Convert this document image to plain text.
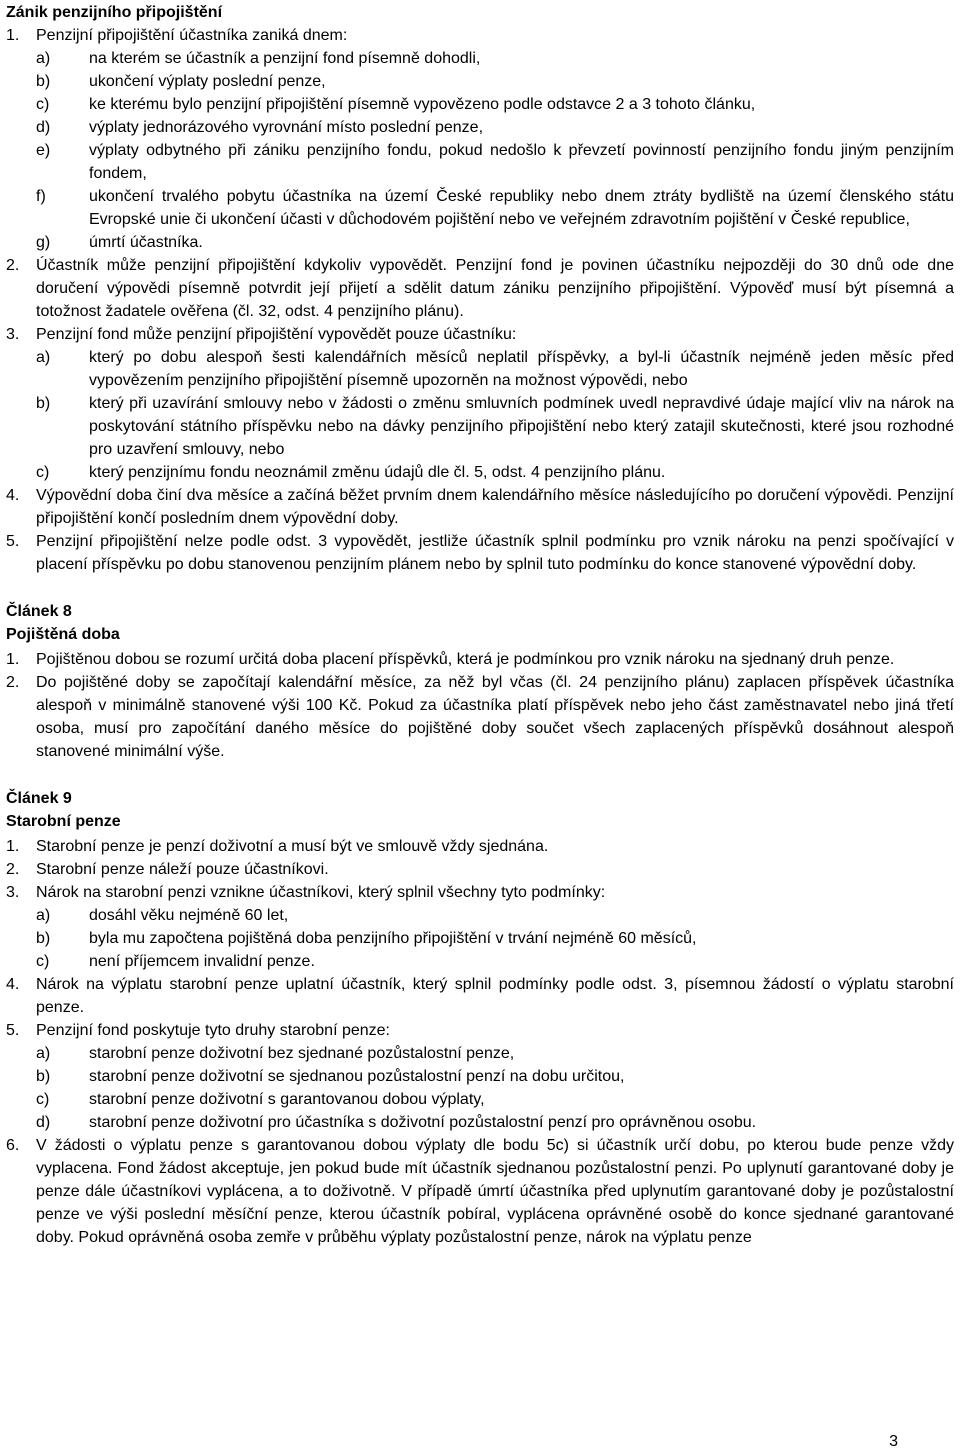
Zánik penzijního připojištění
1.	Penzijní připojištění účastníka zaniká dnem:
a)	na kterém se účastník a penzijní fond písemně dohodli,
b)	ukončení výplaty poslední penze,
c)	ke kterému bylo penzijní připojištění písemně vypovězeno podle odstavce 2 a 3 tohoto článku,
d)	výplaty jednorázového vyrovnání místo poslední penze,
e)	výplaty odbytného při zániku penzijního fondu, pokud nedošlo k převzetí povinností penzijního fondu jiným penzijním fondem,
f)	ukončení trvalého pobytu účastníka na území České republiky nebo dnem ztráty bydliště na území členského státu Evropské unie či ukončení účasti v důchodovém pojištění nebo ve veřejném zdravotním pojištění v České republice,
g)	úmrtí účastníka.
2.	Účastník může penzijní připojištění kdykoliv vypovědět. Penzijní fond je povinen účastníku nejpozději do 30 dnů ode dne doručení výpovědi písemně potvrdit její přijetí a sdělit datum zániku penzijního připojištění. Výpověď musí být písemná a totožnost žadatele ověřena (čl. 32, odst. 4 penzijního plánu).
3.	Penzijní fond může penzijní připojištění vypovědět pouze účastníku:
a)	který po dobu alespoň šesti kalendářních měsíců neplatil příspěvky, a byl-li účastník nejméně jeden měsíc před vypovězením penzijního připojištění písemně upozorněn na možnost výpovědi, nebo
b)	který při uzavírání smlouvy nebo v žádosti o změnu smluvních podmínek uvedl nepravdivé údaje mající vliv na nárok na poskytování státního příspěvku nebo na dávky penzijního připojištění nebo který zatajil skutečnosti, které jsou rozhodné pro uzavření smlouvy, nebo
c)	který penzijnímu fondu neoznámil změnu údajů dle čl. 5, odst. 4 penzijního plánu.
4.	Výpovědní doba činí dva měsíce a začíná běžet prvním dnem kalendářního měsíce následujícího po doručení výpovědi. Penzijní připojištění končí posledním dnem výpovědní doby.
5.	Penzijní připojištění nelze podle odst. 3 vypovědět, jestliže účastník splnil podmínku pro vznik nároku na penzi spočívající v placení příspěvku po dobu stanovenou penzijním plánem nebo by splnil tuto podmínku do konce stanovené výpovědní doby.
Článek 8
Pojištěná doba
1.	Pojištěnou dobou se rozumí určitá doba placení příspěvků, která je podmínkou pro vznik nároku na sjednaný druh penze.
2.	Do pojištěné doby se započítají kalendářní měsíce, za něž byl včas (čl. 24 penzijního plánu) zaplacen příspěvek účastníka alespoň v minimálně stanovené výši 100 Kč. Pokud za účastníka platí příspěvek nebo jeho část zaměstnavatel nebo jiná třetí osoba, musí pro započítání daného měsíce do pojištěné doby součet všech zaplacených příspěvků dosáhnout alespoň stanovené minimální výše.
Článek 9
Starobní penze
1.	Starobní penze je penzí doživotní a musí být ve smlouvě vždy sjednána.
2.	Starobní penze náleží pouze účastníkovi.
3.	Nárok na starobní penzi vznikne účastníkovi, který splnil všechny tyto podmínky:
a)	dosáhl věku nejméně 60 let,
b)	byla mu započtena pojištěná doba penzijního připojištění v trvání nejméně 60 měsíců,
c)	není příjemcem invalidní penze.
4.	Nárok na výplatu starobní penze uplatní účastník, který splnil podmínky podle odst. 3, písemnou žádostí o výplatu starobní penze.
5.	Penzijní fond poskytuje tyto druhy starobní penze:
a)	starobní penze doživotní bez sjednané pozůstalostní penze,
b)	starobní penze doživotní se sjednanou pozůstalostní penzí na dobu určitou,
c)	starobní penze doživotní s garantovanou dobou výplaty,
d)	starobní penze doživotní pro účastníka s doživotní pozůstalostní penzí pro oprávněnou osobu.
6.	V žádosti o výplatu penze s garantovanou dobou výplaty dle bodu 5c) si účastník určí dobu, po kterou bude penze vždy vyplacena. Fond žádost akceptuje, jen pokud bude mít účastník sjednanou pozůstalostní penzi. Po uplynutí garantované doby je penze dále účastníkovi vyplácena, a to doživotně. V případě úmrtí účastníka před uplynutím garantované doby je pozůstalostní penze ve výši poslední měsíční penze, kterou účastník pobíral, vyplácena oprávněné osobě do konce sjednané garantované doby. Pokud oprávněná osoba zemře v průběhu výplaty pozůstalostní penze, nárok na výplatu penze
3
